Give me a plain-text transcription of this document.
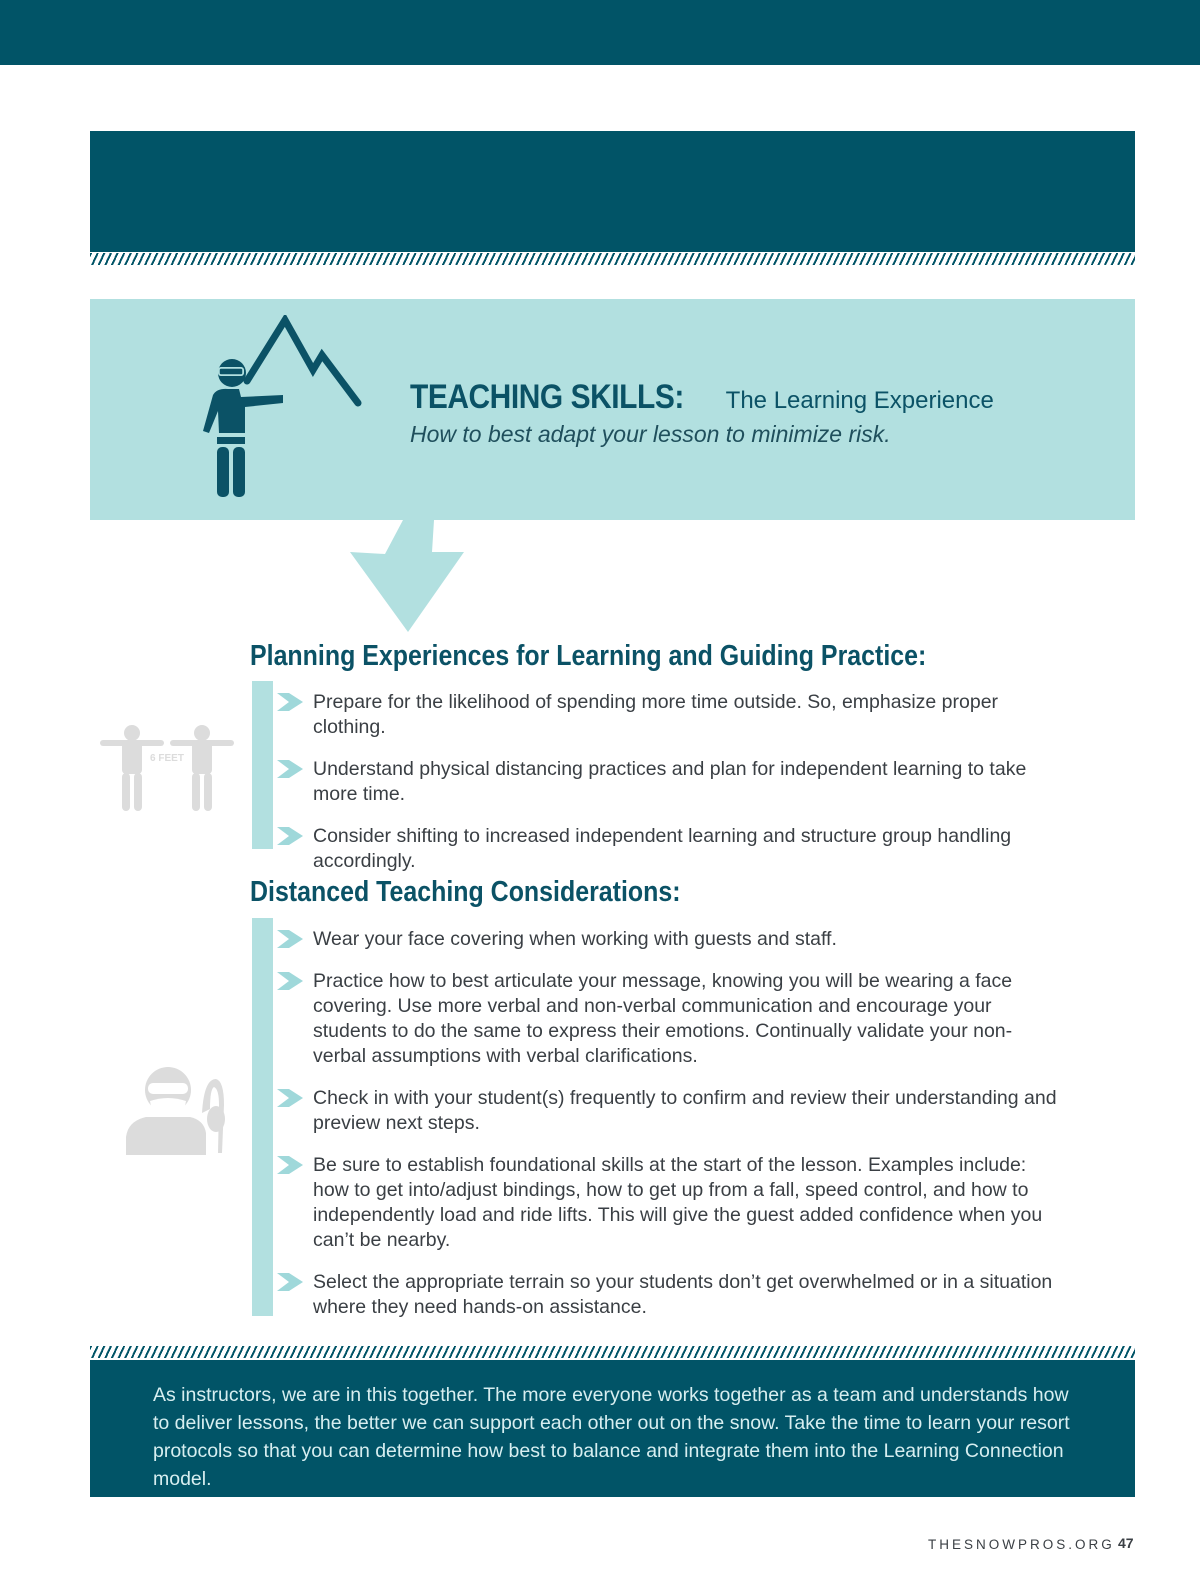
TEACHING SKILLS: The Learning Experience
How to best adapt your lesson to minimize risk.
Planning Experiences for Learning and Guiding Practice:
Prepare for the likelihood of spending more time outside. So, emphasize proper clothing.
Understand physical distancing practices and plan for independent learning to take more time.
Consider shifting to increased independent learning and structure group handling accordingly.
6 FEET
Distanced Teaching Considerations:
Wear your face covering when working with guests and staff.
Practice how to best articulate your message, knowing you will be wearing a face covering. Use more verbal and non-verbal communication and encourage your students to do the same to express their emotions. Continually validate your non-verbal assumptions with verbal clarifications.
Check in with your student(s) frequently to confirm and review their understanding and preview next steps.
Be sure to establish foundational skills at the start of the lesson. Examples include: how to get into/adjust bindings, how to get up from a fall, speed control, and how to independently load and ride lifts. This will give the guest added confidence when you can’t be nearby.
Select the appropriate terrain so your students don’t get overwhelmed or in a situation where they need hands-on assistance.
As instructors, we are in this together. The more everyone works together as a team and understands how to deliver lessons, the better we can support each other out on the snow. Take the time to learn your resort protocols so that you can determine how best to balance and integrate them into the Learning Connection model.
THESNOWPROS.ORG 47
